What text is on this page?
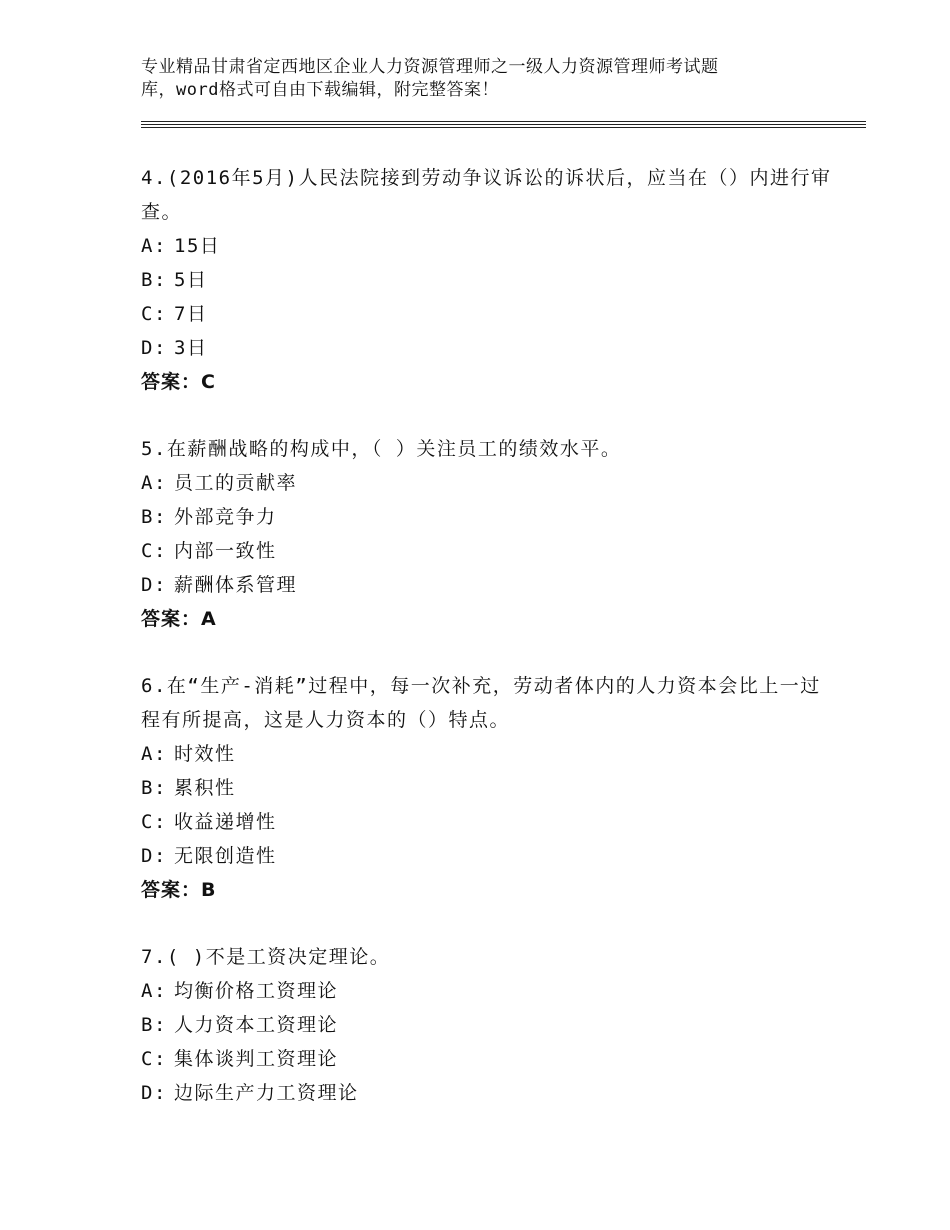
专业精品甘肃省定西地区企业人力资源管理师之一级人力资源管理师考试题
库，word格式可自由下载编辑，附完整答案！
4.(2016年5月)人民法院接到劳动争议诉讼的诉状后，应当在（）内进行审查。
A: 15日
B: 5日
C: 7日
D: 3日
答案：C
5.在薪酬战略的构成中，（ ）关注员工的绩效水平。
A: 员工的贡献率
B: 外部竞争力
C: 内部一致性
D: 薪酬体系管理
答案：A
6.在“生产-消耗”过程中，每一次补充，劳动者体内的人力资本会比上一过程有所提高，这是人力资本的（）特点。
A: 时效性
B: 累积性
C: 收益递增性
D: 无限创造性
答案：B
7.( )不是工资决定理论。
A: 均衡价格工资理论
B: 人力资本工资理论
C: 集体谈判工资理论
D: 边际生产力工资理论
